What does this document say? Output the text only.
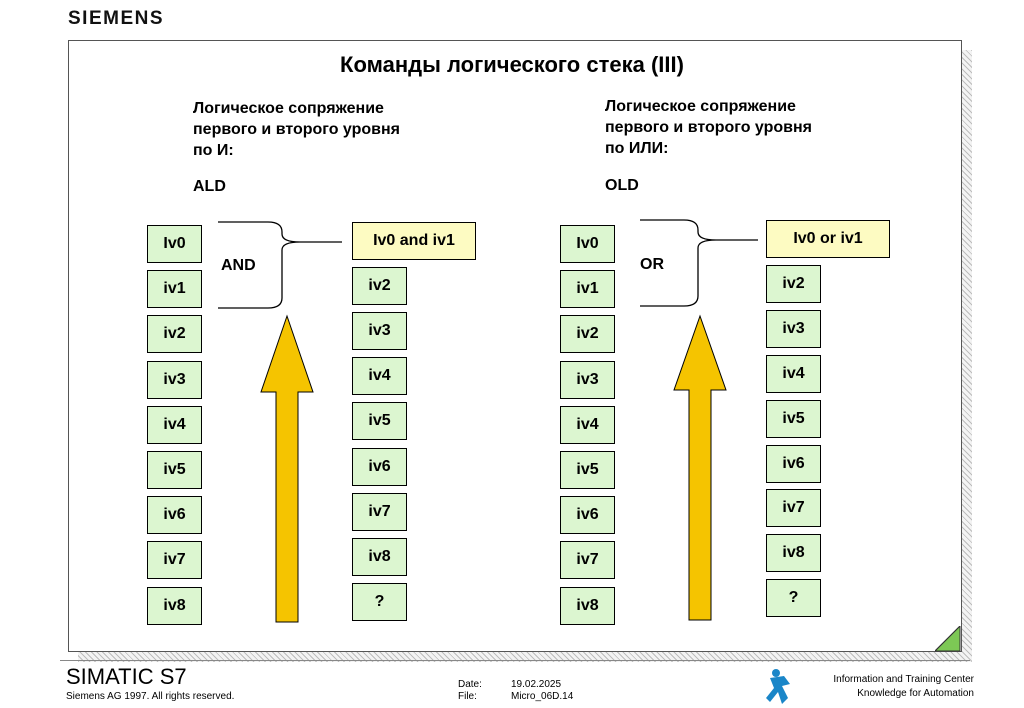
SIEMENS
Команды логического стека (III)
Логическое сопряжение
первого и второго уровня
по И:
ALD
Iv0
iv1
iv2
iv3
iv4
iv5
iv6
iv7
iv8
Iv0 and iv1
iv2
iv3
iv4
iv5
iv6
iv7
iv8
?
AND
Логическое сопряжение
первого и второго уровня
по ИЛИ:
OLD
Iv0
iv1
iv2
iv3
iv4
iv5
iv6
iv7
iv8
Iv0 or iv1
iv2
iv3
iv4
iv5
iv6
iv7
iv8
?
OR
SIMATIC S7
Siemens AG 1997. All rights reserved.
Date:	19.02.2025
File:	Micro_06D.14
Information and Training Center
Knowledge for Automation
